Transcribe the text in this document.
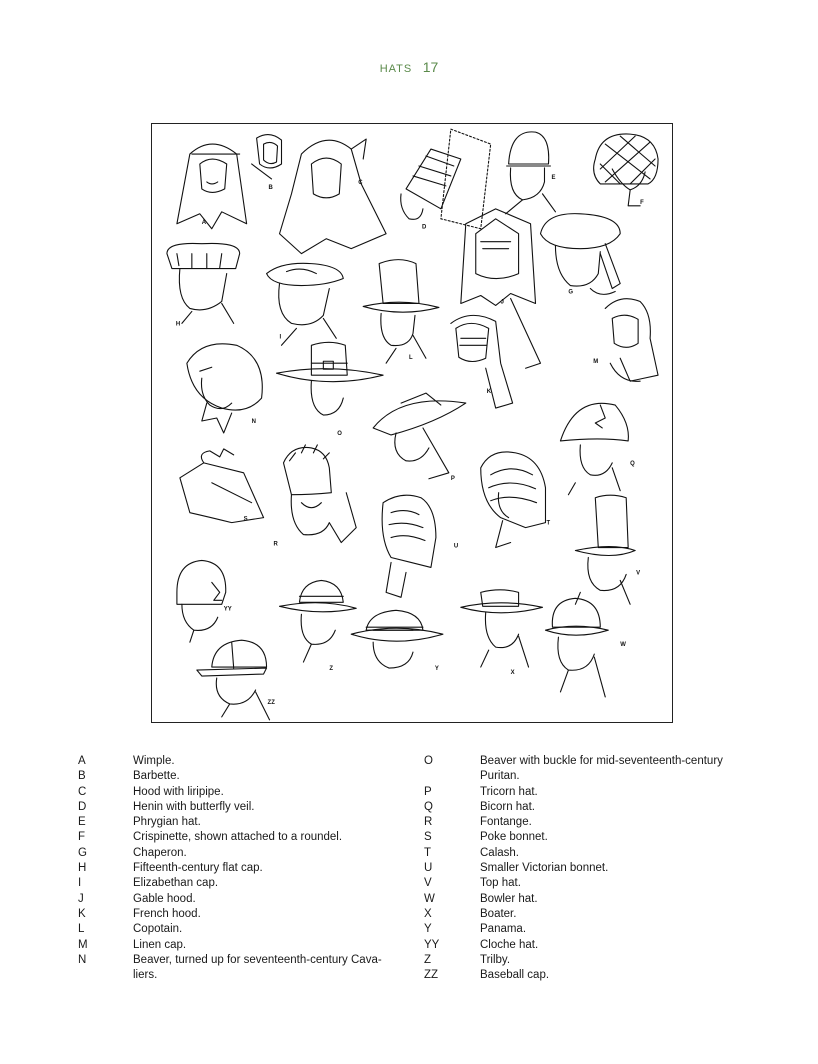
HATS 17
A
B
C
D
E
F
G
H
I
J
K
L
M
N
O
P
Q
R
S
T
U
V
W
X
Y
YY
Z
ZZ
A	Wimple.
B	Barbette.
C	Hood with liripipe.
D	Henin with butterfly veil.
E	Phrygian hat.
F	Crispinette, shown attached to a roundel.
G	Chaperon.
H	Fifteenth-century flat cap.
I	Elizabethan cap.
J	Gable hood.
K	French hood.
L	Copotain.
M	Linen cap.
N	Beaver, turned up for seventeenth-century Cava-
liers.
O	Beaver with buckle for mid-seventeenth-century
Puritan.
P	Tricorn hat.
Q	Bicorn hat.
R	Fontange.
S	Poke bonnet.
T	Calash.
U	Smaller Victorian bonnet.
V	Top hat.
W	Bowler hat.
X	Boater.
Y	Panama.
YY	Cloche hat.
Z	Trilby.
ZZ	Baseball cap.
